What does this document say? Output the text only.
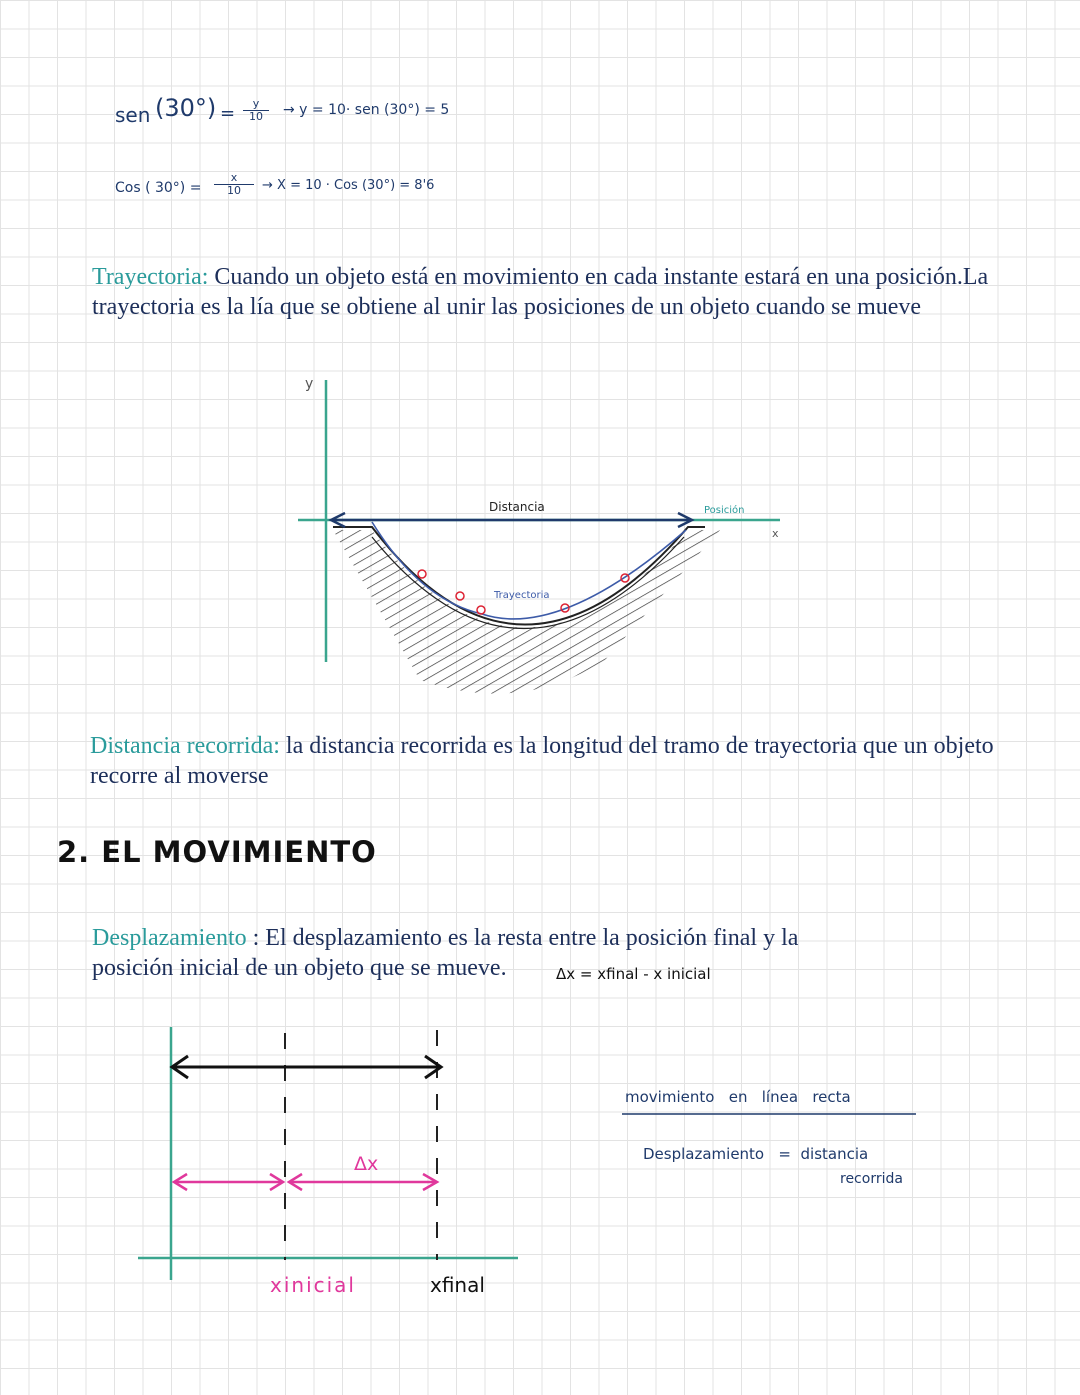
sen (30°) =	y
10	→ y = 10· sen (30°) = 5
Cos ( 30°) =
x
10	→ X = 10 · Cos (30°) = 8'6
Trayectoria: Cuando un objeto está en movimiento en cada instante estará en una posición.La trayectoria es la lía que se obtiene al unir las posiciones de un objeto cuando se mueve
y
x
Distancia	Posición
Trayectoria
Distancia recorrida: la distancia recorrida es la longitud del tramo de trayectoria que un objeto recorre al moverse
2. EL MOVIMIENTO
Desplazamiento : El desplazamiento es la resta entre la posición final y la posición inicial de un objeto que se mueve.	Δx = xfinal - x inicial
Δx
xinicial	xfinal
movimiento   en   línea   recta
Desplazamiento   =  distancia
recorrida
